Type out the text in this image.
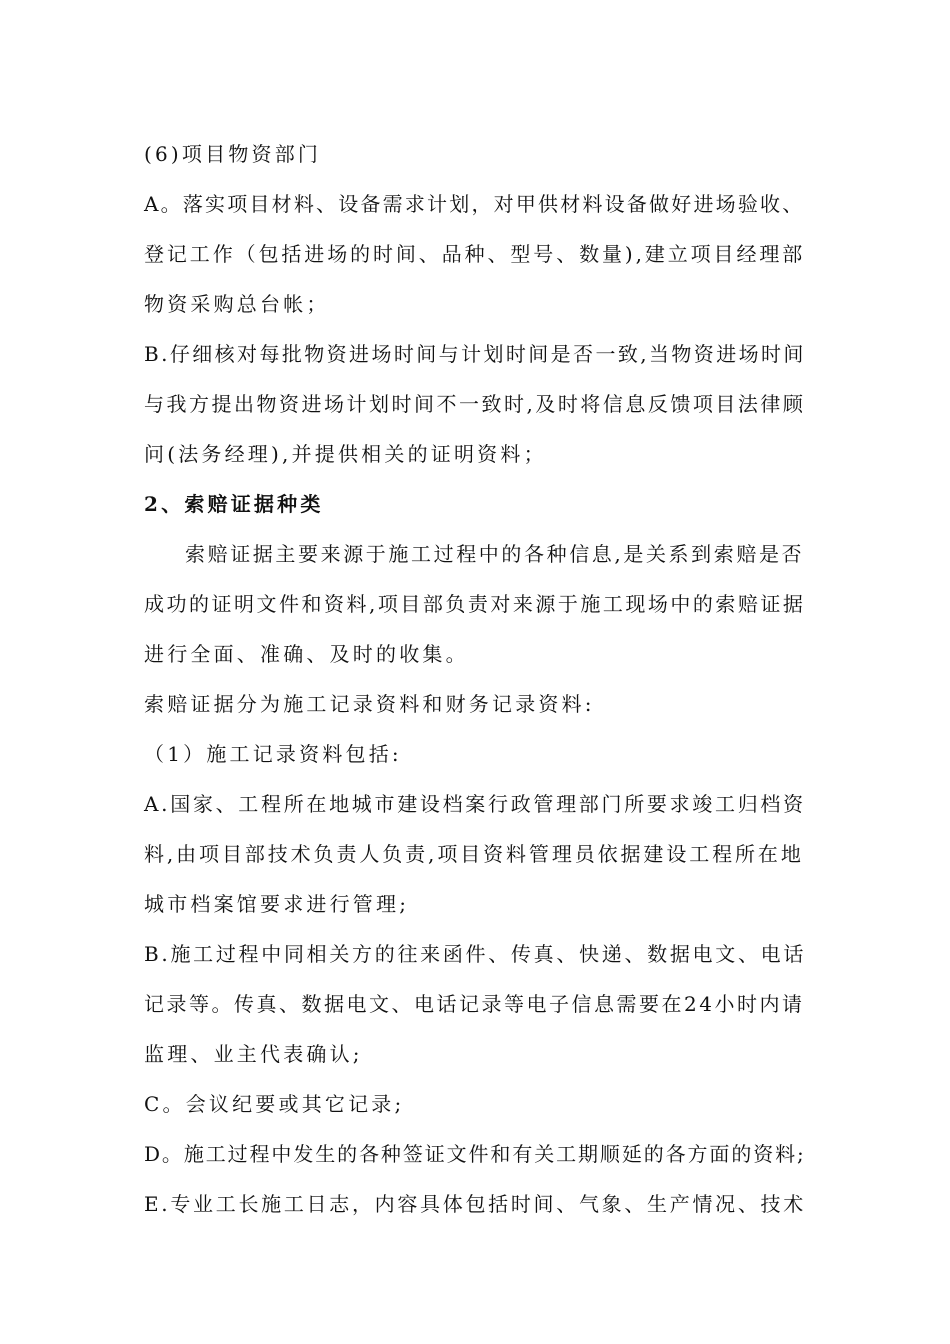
(6)项目物资部门
A。落实项目材料、设备需求计划，对甲供材料设备做好进场验收、
登记工作（包括进场的时间、品种、型号、数量),建立项目经理部
物资采购总台帐；
B.仔细核对每批物资进场时间与计划时间是否一致,当物资进场时间
与我方提出物资进场计划时间不一致时,及时将信息反馈项目法律顾
问(法务经理),并提供相关的证明资料；
2、索赔证据种类
索赔证据主要来源于施工过程中的各种信息,是关系到索赔是否
成功的证明文件和资料,项目部负责对来源于施工现场中的索赔证据
进行全面、准确、及时的收集。
索赔证据分为施工记录资料和财务记录资料:
（1）施工记录资料包括:
A.国家、工程所在地城市建设档案行政管理部门所要求竣工归档资
料,由项目部技术负责人负责,项目资料管理员依据建设工程所在地
城市档案馆要求进行管理;
B.施工过程中同相关方的往来函件、传真、快递、数据电文、电话
记录等。传真、数据电文、电话记录等电子信息需要在24小时内请
监理、业主代表确认;
C。会议纪要或其它记录;
D。施工过程中发生的各种签证文件和有关工期顺延的各方面的资料;
E.专业工长施工日志，内容具体包括时间、气象、生产情况、技术
